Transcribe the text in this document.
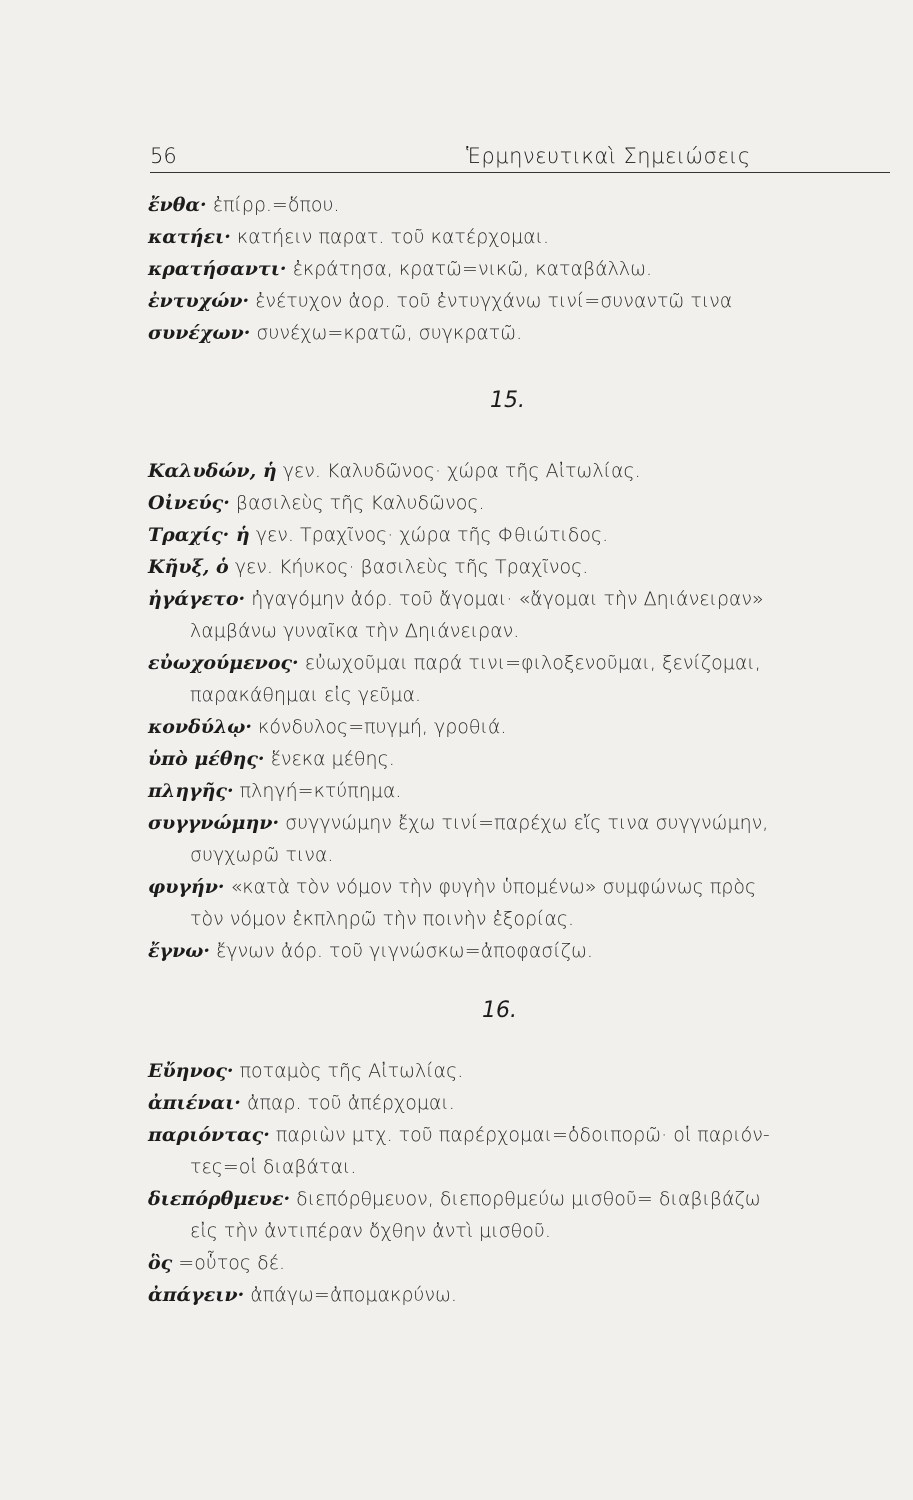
56	Ἑρμηνευτικαὶ Σημειώσεις
ἔνθα· ἐπίρρ.=ὅπου.
κατήει· κατήειν παρατ. τοῦ κατέρχομαι.
κρατήσαντι· ἐκράτησα, κρατῶ=νικῶ, καταβάλλω.
ἐντυχών· ἐνέτυχον ἀορ. τοῦ ἐντυγχάνω τινί=συναντῶ τινα
συνέχων· συνέχω=κρατῶ, συγκρατῶ.
15.
Καλυδών, ἡ γεν. Καλυδῶνος· χώρα τῆς Αἰτωλίας.
Οἰνεύς· βασιλεὺς τῆς Καλυδῶνος.
Τραχίς· ἡ γεν. Τραχῖνος· χώρα τῆς Φθιώτιδος.
Κῆυξ, ὁ γεν. Κήυκος· βασιλεὺς τῆς Τραχῖνος.
ἠγάγετο· ἠγαγόμην ἀόρ. τοῦ ἄγομαι· «ἄγομαι τὴν Δηιάνειραν»
λαμβάνω γυναῖκα τὴν Δηιάνειραν.
εὐωχούμενος· εὐωχοῦμαι παρά τινι=φιλοξενοῦμαι, ξενίζομαι,
παρακάθημαι εἰς γεῦμα.
κονδύλῳ· κόνδυλος=πυγμή, γροθιά.
ὑπὸ μέθης· ἕνεκα μέθης.
πληγῆς· πληγή=κτύπημα.
συγγνώμην· συγγνώμην ἔχω τινί=παρέχω εἴς τινα συγγνώμην,
συγχωρῶ τινα.
φυγήν· «κατὰ τὸν νόμον τὴν φυγὴν ὑπομένω» συμφώνως πρὸς
τὸν νόμον ἐκπληρῶ τὴν ποινὴν ἐξορίας.
ἔγνω· ἔγνων ἀόρ. τοῦ γιγνώσκω=ἀποφασίζω.
16.
Εὔηνος· ποταμὸς τῆς Αἰτωλίας.
ἀπιέναι· ἀπαρ. τοῦ ἀπέρχομαι.
παριόντας· παριὼν μτχ. τοῦ παρέρχομαι=ὁδοιπορῶ· οἱ παριόν-
τες=οἱ διαβάται.
διεπόρθμευε· διεπόρθμευον, διεπορθμεύω μισθοῦ= διαβιβάζω
εἰς τὴν ἀντιπέραν ὄχθην ἀντὶ μισθοῦ.
ὃς =οὗτος δέ.
ἀπάγειν· ἀπάγω=ἀπομακρύνω.
